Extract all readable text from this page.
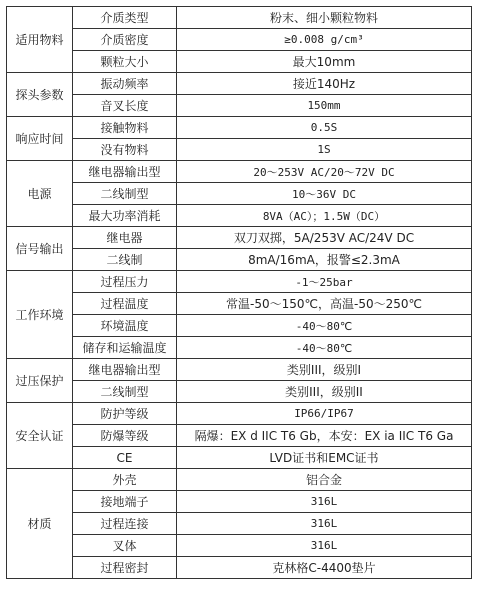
适用物料	介质类型	粉末、细小颗粒物料
	介质密度	≥0.008 g/cm³
	颗粒大小	最大10mm
探头参数	振动频率	接近140Hz
	音叉长度	150mm
响应时间	接触物料	0.5S
	没有物料	1S
电源	继电器输出型	20～253V AC/20～72V DC
	二线制型	10～36V DC
	最大功率消耗	8VA（AC）；1.5W（DC）
信号输出	继电器	双刀双掷，5A/253V AC/24V DC
	二线制	8mA/16mA，报警≤2.3mA
工作环境	过程压力	-1～25bar
	过程温度	常温-50～150℃，高温-50～250℃
	环境温度	-40～80℃
	储存和运输温度	-40～80℃
过压保护	继电器输出型	类别III，级别I
	二线制型	类别III，级别II
安全认证	防护等级	IP66/IP67
	防爆等级	隔爆：EX d IIC T6 Gb，本安：EX ia IIC T6 Ga
	CE	LVD证书和EMC证书
材质	外壳	铝合金
	接地端子	316L
	过程连接	316L
	叉体	316L
	过程密封	克林格C-4400垫片
